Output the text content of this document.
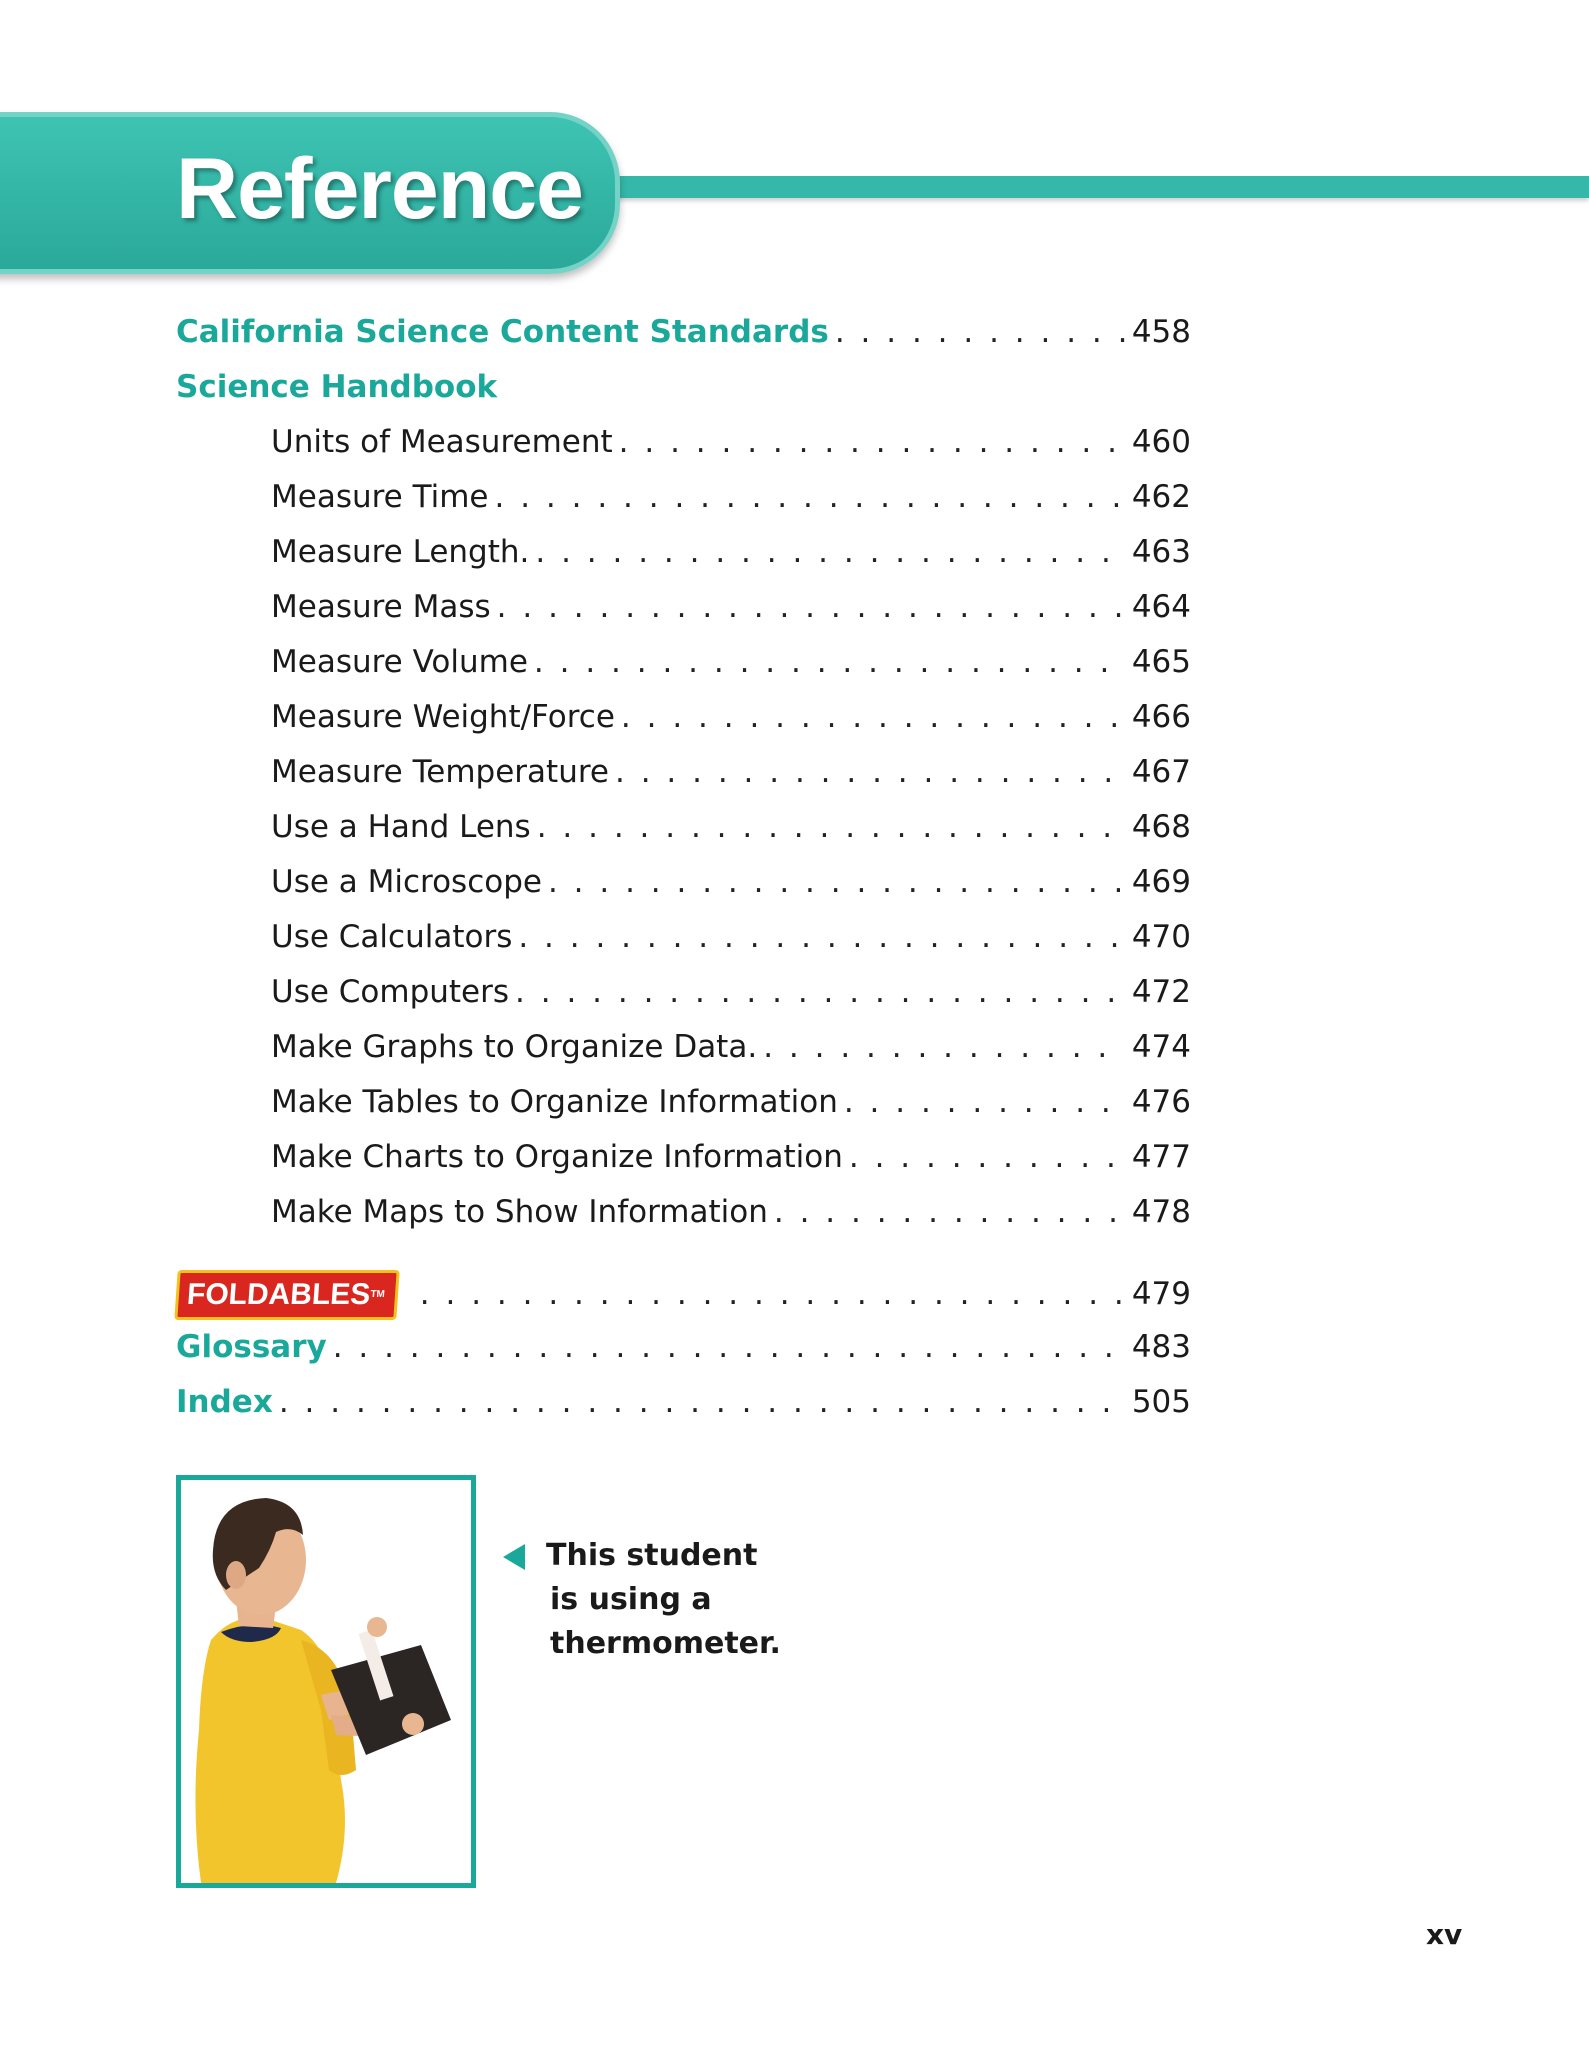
Reference
California Science Content Standards . . .	458
Science Handbook
Units of Measurement . . .	460
Measure Time . . .	462
Measure Length. . . .	463
Measure Mass . . .	464
Measure Volume . . .	465
Measure Weight/Force . . .	466
Measure Temperature . . .	467
Use a Hand Lens . . .	468
Use a Microscope . . .	469
Use Calculators . . .	470
Use Computers . . .	472
Make Graphs to Organize Data. . . .	474
Make Tables to Organize Information . . .	476
Make Charts to Organize Information . . .	477
Make Maps to Show Information . . .	478
FOLDABLES™ . . .	479
Glossary . . .	483
Index . . .	505
This student
is using a
thermometer.
xv
